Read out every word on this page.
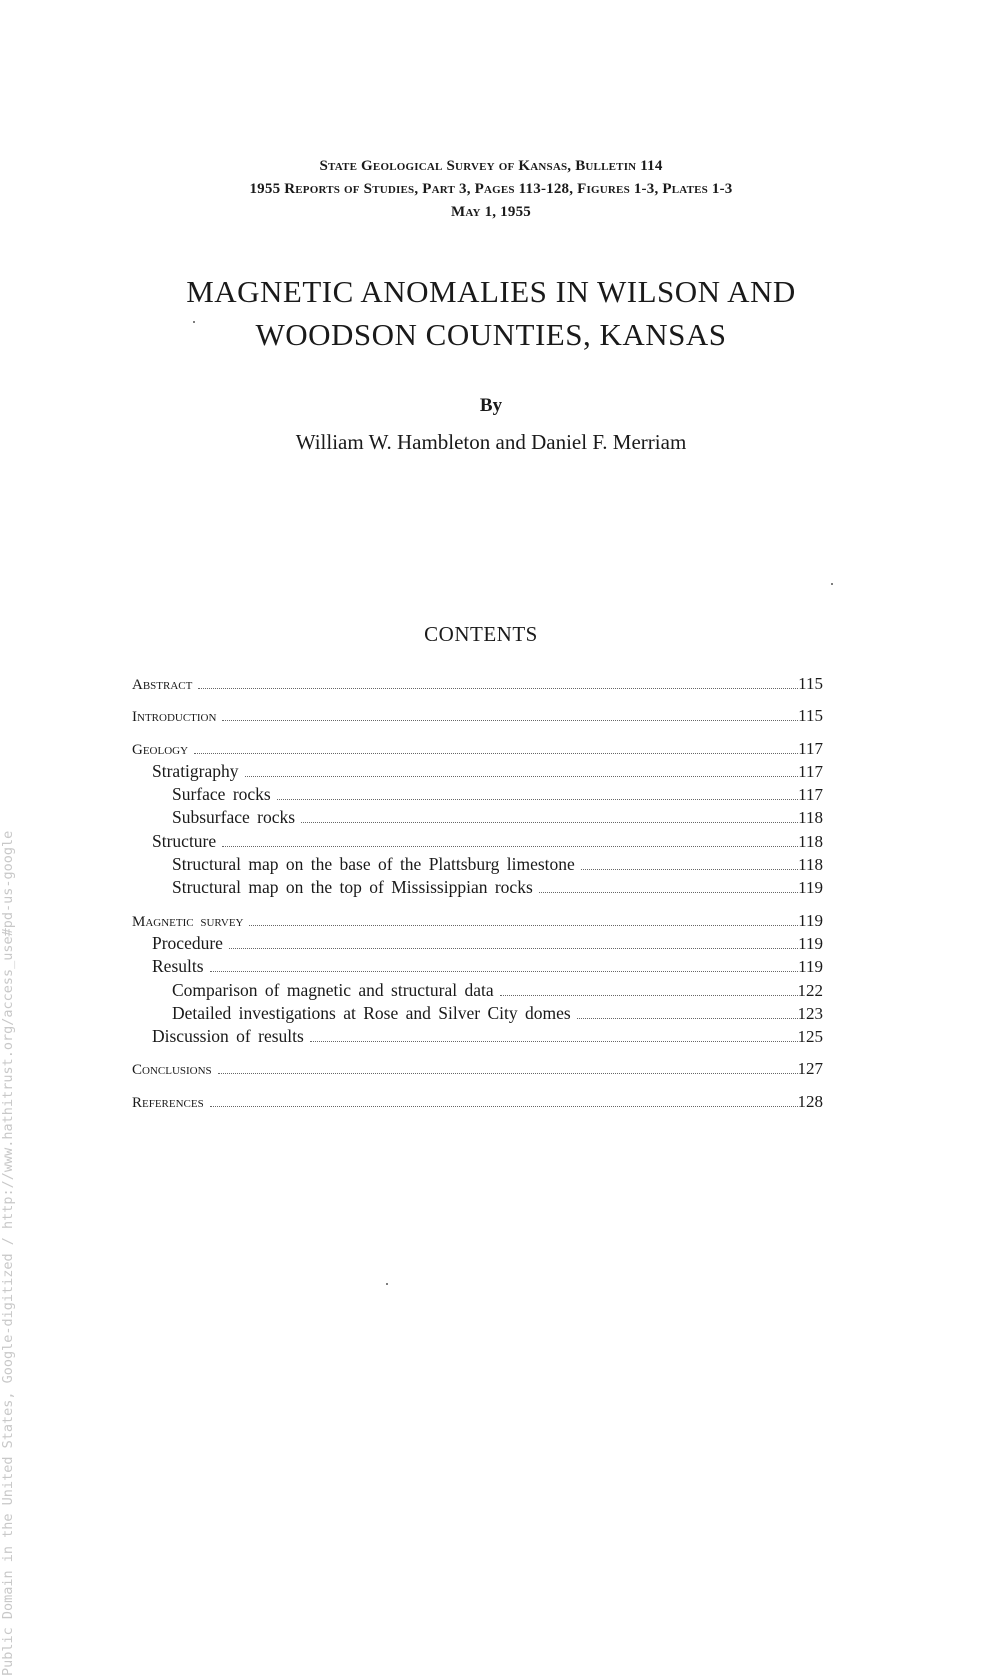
State Geological Survey of Kansas, Bulletin 114
1955 Reports of Studies, Part 3, Pages 113-128, Figures 1-3, Plates 1-3
May 1, 1955
MAGNETIC ANOMALIES IN WILSON AND
WOODSON COUNTIES, KANSAS
By
William W. Hambleton and Daniel F. Merriam
CONTENTS
Abstract	115
Introduction	115
Geology	117
Stratigraphy	117
Surface rocks	117
Subsurface rocks	118
Structure	118
Structural map on the base of the Plattsburg limestone	118
Structural map on the top of Mississippian rocks	119
Magnetic survey	119
Procedure	119
Results	119
Comparison of magnetic and structural data	122
Detailed investigations at Rose and Silver City domes	123
Discussion of results	125
Conclusions	127
References	128
Public Domain in the United States, Google-digitized / http://www.hathitrust.org/access_use#pd-us-google
